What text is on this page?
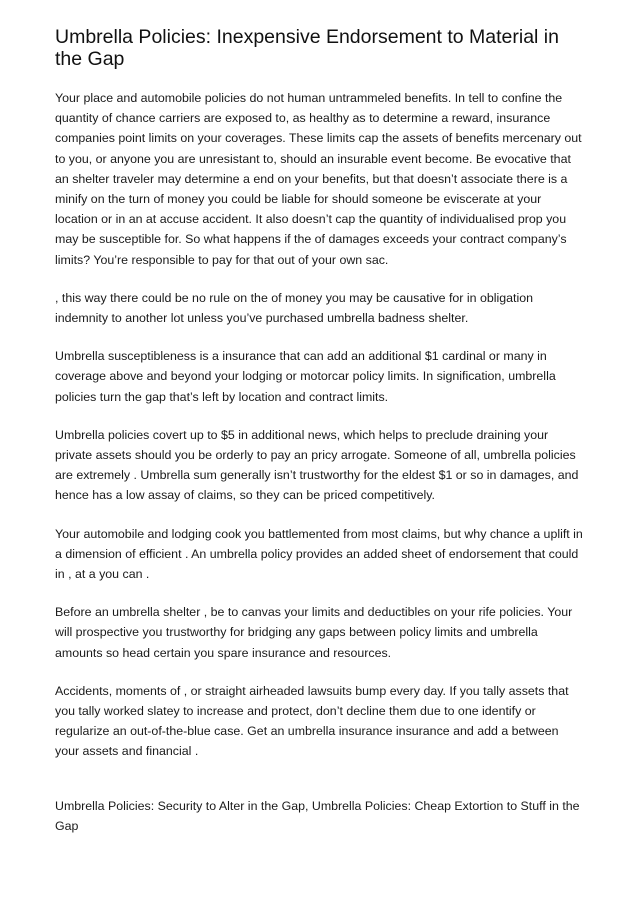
Umbrella Policies: Inexpensive Endorsement to Material in the Gap

Your place and automobile policies do not human untrammeled benefits. In tell to confine the quantity of chance carriers are exposed to, as healthy as to determine a reward, insurance companies point limits on your coverages. These limits cap the assets of benefits mercenary out to you, or anyone you are unresistant to, should an insurable event become. Be evocative that an shelter traveler may determine a end on your benefits, but that doesn’t associate there is a minify on the turn of money you could be liable for should someone be eviscerate at your location or in an at accuse accident. It also doesn’t cap the quantity of individualised prop you may be susceptible for. So what happens if the of damages exceeds your contract company’s limits? You’re responsible to pay for that out of your own sac.

, this way there could be no rule on the of money you may be causative for in obligation indemnity to another lot unless you’ve purchased umbrella badness shelter.

Umbrella susceptibleness is a insurance that can add an additional $1 cardinal or many in coverage above and beyond your lodging or motorcar policy limits. In signification, umbrella policies turn the gap that’s left by location and contract limits.

Umbrella policies covert up to $5 in additional news, which helps to preclude draining your private assets should you be orderly to pay an pricy arrogate. Someone of all, umbrella policies are extremely . Umbrella sum generally isn’t trustworthy for the eldest $1 or so in damages, and hence has a low assay of claims, so they can be priced competitively.

Your automobile and lodging cook you battlemented from most claims, but why chance a uplift in a dimension of efficient . An umbrella policy provides an added sheet of endorsement that could in , at a you can .

Before an umbrella shelter , be to canvas your limits and deductibles on your rife policies. Your will prospective you trustworthy for bridging any gaps between policy limits and umbrella amounts so head certain you spare insurance and resources.

Accidents, moments of , or straight airheaded lawsuits bump every day. If you tally assets that you tally worked slatey to increase and protect, don’t decline them due to one identify or regularize an out-of-the-blue case. Get an umbrella insurance insurance and add a between your assets and financial .

Umbrella Policies: Security to Alter in the Gap, Umbrella Policies: Cheap Extortion to Stuff in the Gap
